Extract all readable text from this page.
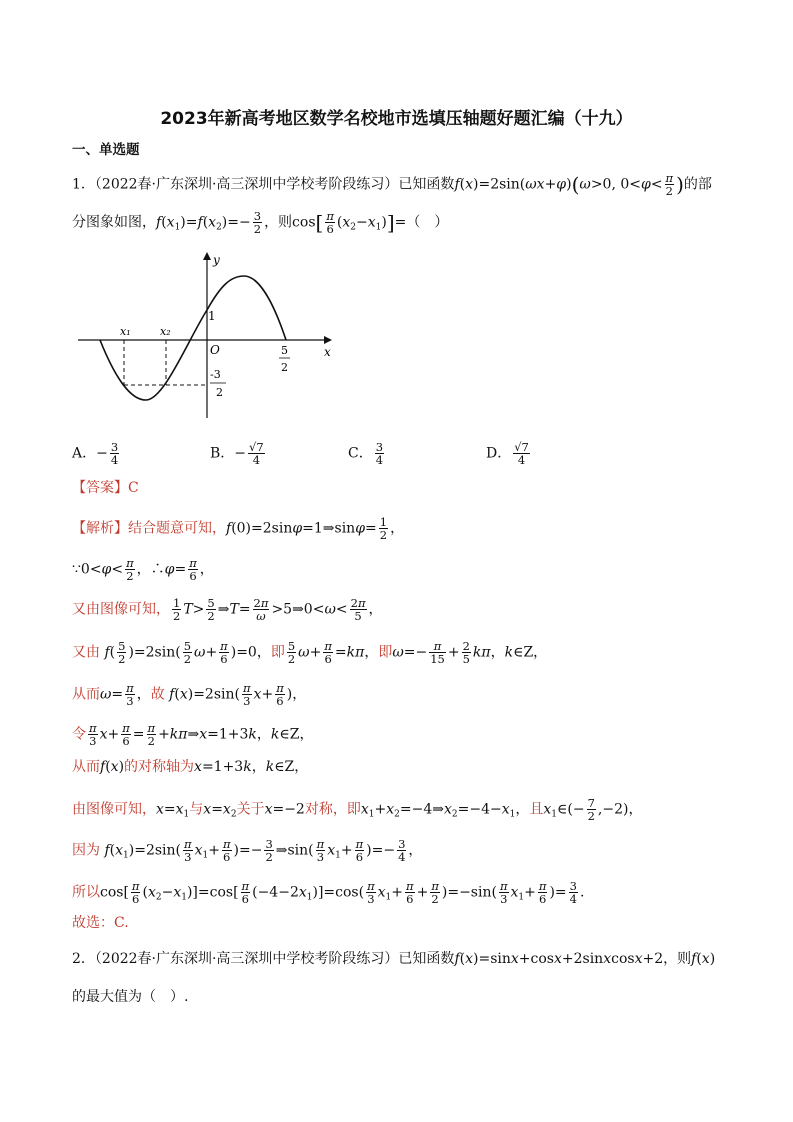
2023年新高考地区数学名校地市选填压轴题好题汇编（十九）
一、单选题
1．（2022春·广东深圳·高三深圳中学校考阶段练习）已知函数f(x)=2sin(ωx+φ)(ω>0, $0<\varphi< \frac{\pi}{2}$ )的部
分图象如图，$f(x_1)=f(x_2)=- \frac{3}{2}$ ，则$\cos[ \frac{\pi}{6} (x_2-x_1)]=$（　）
y
x
O
x₁	x₂
1
5
2
-3
2
A．− $\frac{3}{4}$	B．− $\frac{√7}{4}$	C． $\frac{3}{4}$	D． $\frac{√7}{4}$
【答案】C
【解析】结合题意可知，f(0)=2sinφ=1⇒sinφ= $\frac{1}{2}$ ，
∵0<φ< $\frac{\pi}{2}$ ，∴φ= $\frac{\pi}{6}$ ，
又由图像可知， $\frac{1}{2} T> \frac{5}{2}$ ⇒T= $\frac{2\pi}{\omega}$ >5⇒0<ω< $\frac{2\pi}{5}$ ，
又由 $f( \frac{5}{2} )=2\sin( \frac{5}{2} \omega+ \frac{\pi}{6} )=0$，即 $\frac{5}{2} \omega+ \frac{\pi}{6} =k\pi$，即$\omega=- \frac{\pi}{15} + \frac{2}{5}$ kπ，k∈Z，
从而$\omega= \frac{\pi}{3}$ ，故 $f(x)=2\sin( \frac{\pi}{3} x+ \frac{\pi}{6}$ )，
令 $\frac{\pi}{3} x+ \frac{\pi}{6} = \frac{\pi}{2}$ +kπ⇒x=1+3k，k∈Z，
从而f(x)的对称轴为x=1+3k，k∈Z，
由图像可知，$x=x_1$与$x=x_2$关于x=−2对称，即$x_1+x_2=-4\Rightarrow x_2=-4-x_1$，且$x_1\in(- \frac{7}{2} ,-2)$，
因为 $f(x_1)=2\sin( \frac{\pi}{3} x_1+ \frac{\pi}{6}$ )=− $\frac{3}{2}$ ⇒sin( $\frac{\pi}{3} x_1+ \frac{\pi}{6}$ )=− $\frac{3}{4}$ ，
所以$\cos[ \frac{\pi}{6} (x_2-x_1)]=\cos[ \frac{\pi}{6} (-4-2x_1)]=\cos( \frac{\pi}{3} x_1+ \frac{\pi}{6} + \frac{\pi}{2} )=-\sin( \frac{\pi}{3} x_1+ \frac{\pi}{6}$ )= $\frac{3}{4}$ .
故选：C.
2．（2022春·广东深圳·高三深圳中学校考阶段练习）已知函数f(x)=sinx+cosx+2sinxcosx+2，则f(x)
的最大值为（　）.
